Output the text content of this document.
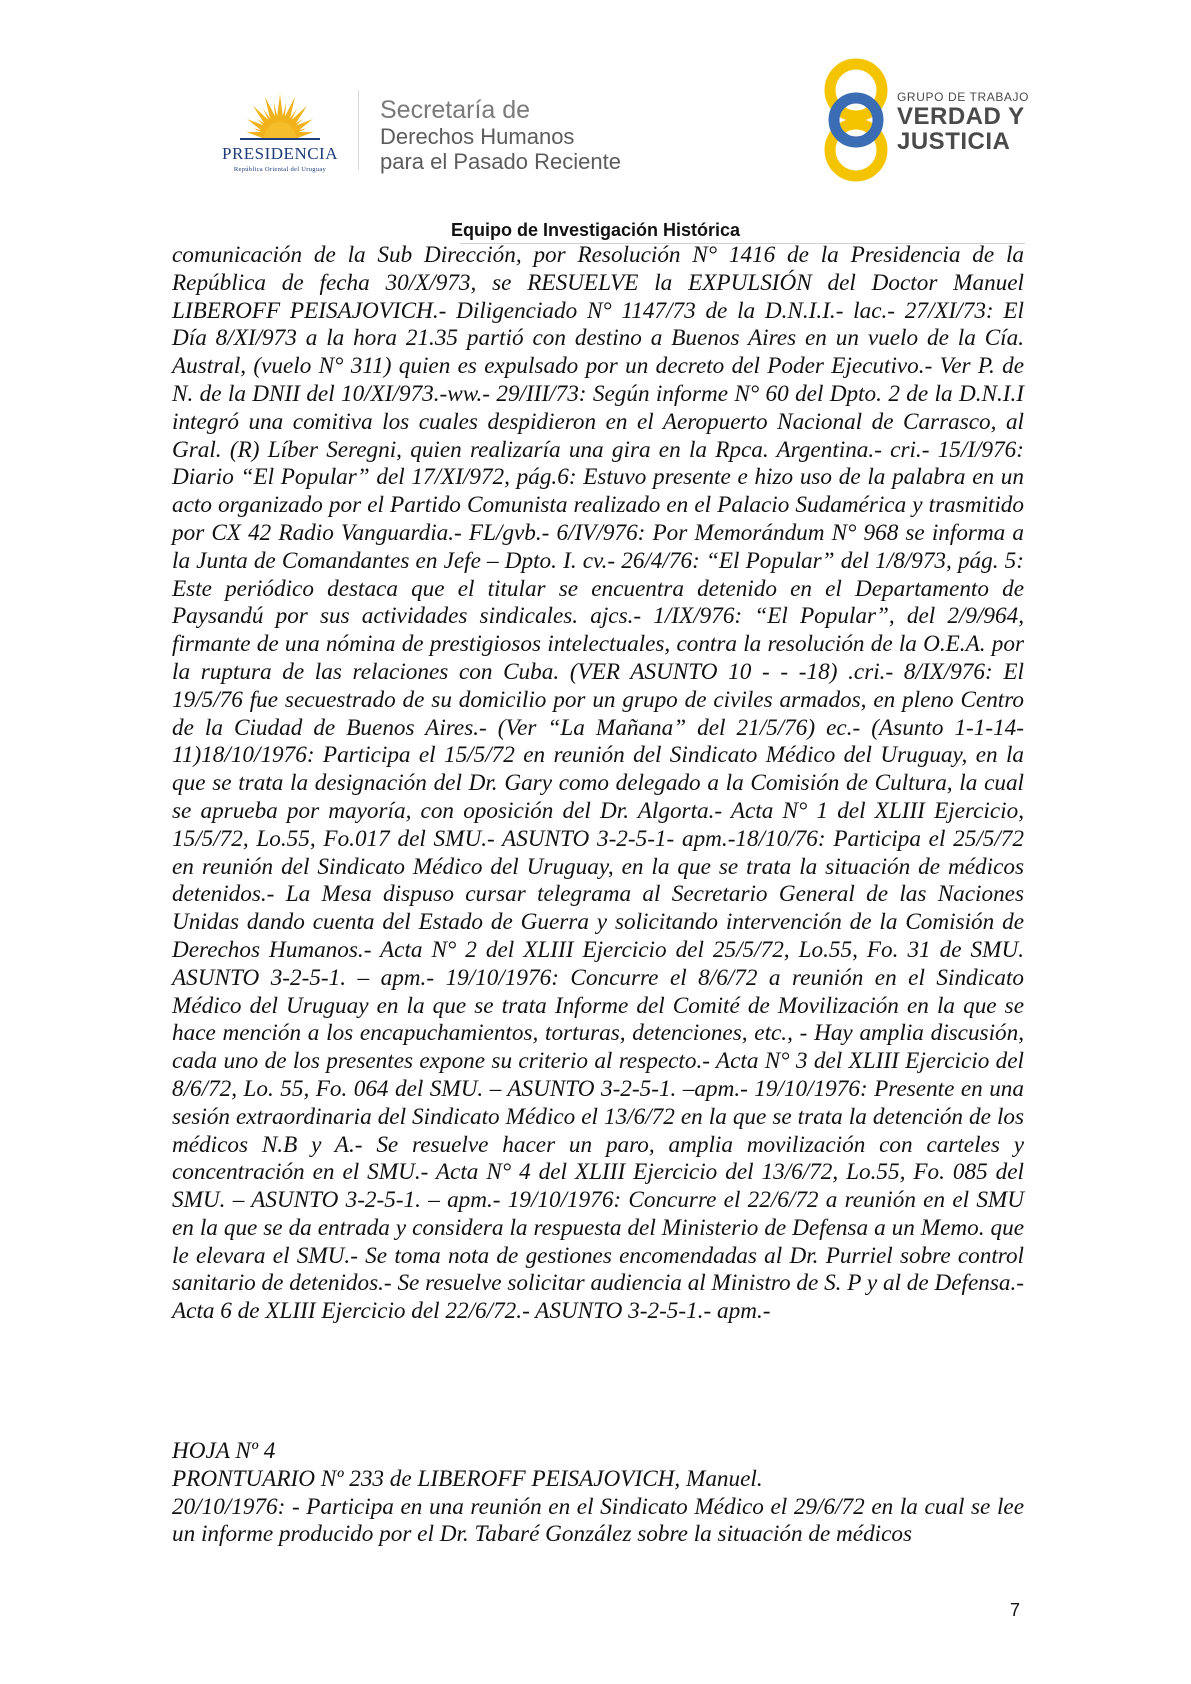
PRESIDENCIA
República Oriental del Uruguay
Secretaría de
Derechos Humanos
para el Pasado Reciente
GRUPO DE TRABAJO
VERDAD Y
JUSTICIA
Equipo de Investigación Histórica

comunicación de la Sub Dirección, por Resolución N° 1416 de la Presidencia de la República de fecha 30/X/973, se RESUELVE la EXPULSIÓN del Doctor Manuel LIBEROFF PEISAJOVICH.- Diligenciado N° 1147/73 de la D.N.I.I.- lac.- 27/XI/73: El Día 8/XI/973 a la hora 21.35 partió con destino a Buenos Aires en un vuelo de la Cía. Austral, (vuelo N° 311) quien es expulsado por un decreto del Poder Ejecutivo.- Ver P. de N. de la DNII del 10/XI/973.-ww.- 29/III/73: Según informe N° 60 del Dpto. 2 de la D.N.I.I integró una comitiva los cuales despidieron en el Aeropuerto Nacional de Carrasco, al Gral. (R) Líber Seregni, quien realizaría una gira en la Rpca. Argentina.- cri.- 15/I/976: Diario “El Popular” del 17/XI/972, pág.6: Estuvo presente e hizo uso de la palabra en un acto organizado por el Partido Comunista realizado en el Palacio Sudamérica y trasmitido por CX 42 Radio Vanguardia.- FL/gvb.- 6/IV/976: Por Memorándum N° 968 se informa a la Junta de Comandantes en Jefe – Dpto. I. cv.- 26/4/76: “El Popular” del 1/8/973, pág. 5: Este periódico destaca que el titular se encuentra detenido en el Departamento de Paysandú por sus actividades sindicales. ajcs.- 1/IX/976: “El Popular”, del 2/9/964, firmante de una nómina de prestigiosos intelectuales, contra la resolución de la O.E.A. por la ruptura de las relaciones con Cuba. (VER ASUNTO 10 - - -18) .cri.- 8/IX/976: El 19/5/76 fue secuestrado de su domicilio por un grupo de civiles armados, en pleno Centro de la Ciudad de Buenos Aires.- (Ver “La Mañana” del 21/5/76) ec.- (Asunto 1-1-14-11)18/10/1976: Participa el 15/5/72 en reunión del Sindicato Médico del Uruguay, en la que se trata la designación del Dr. Gary como delegado a la Comisión de Cultura, la cual se aprueba por mayoría, con oposición del Dr. Algorta.- Acta N° 1 del XLIII Ejercicio, 15/5/72, Lo.55, Fo.017 del SMU.- ASUNTO 3-2-5-1- apm.-18/10/76: Participa el 25/5/72 en reunión del Sindicato Médico del Uruguay, en la que se trata la situación de médicos detenidos.- La Mesa dispuso cursar telegrama al Secretario General de las Naciones Unidas dando cuenta del Estado de Guerra y solicitando intervención de la Comisión de Derechos Humanos.- Acta N° 2 del XLIII Ejercicio del 25/5/72, Lo.55, Fo. 31 de SMU. ASUNTO 3-2-5-1. – apm.- 19/10/1976: Concurre el 8/6/72 a reunión en el Sindicato Médico del Uruguay en la que se trata Informe del Comité de Movilización en la que se hace mención a los encapuchamientos, torturas, detenciones, etc., - Hay amplia discusión, cada uno de los presentes expone su criterio al respecto.- Acta N° 3 del XLIII Ejercicio del 8/6/72, Lo. 55, Fo. 064 del SMU. – ASUNTO 3-2-5-1. –apm.- 19/10/1976: Presente en una sesión extraordinaria del Sindicato Médico el 13/6/72 en la que se trata la detención de los médicos N.B y A.- Se resuelve hacer un paro, amplia movilización con carteles y concentración en el SMU.- Acta N° 4 del XLIII Ejercicio del 13/6/72, Lo.55, Fo. 085 del SMU. – ASUNTO 3-2-5-1. – apm.- 19/10/1976: Concurre el 22/6/72 a reunión en el SMU en la que se da entrada y considera la respuesta del Ministerio de Defensa a un Memo. que le elevara el SMU.- Se toma nota de gestiones encomendadas al Dr. Purriel sobre control sanitario de detenidos.- Se resuelve solicitar audiencia al Ministro de S. P y al de Defensa.- Acta 6 de XLIII Ejercicio del 22/6/72.- ASUNTO 3-2-5-1.- apm.-

HOJA Nº 4

PRONTUARIO Nº 233 de LIBEROFF PEISAJOVICH, Manuel.

20/10/1976: - Participa en una reunión en el Sindicato Médico el 29/6/72 en la cual se lee un informe producido por el Dr. Tabaré González sobre la situación de médicos

7
